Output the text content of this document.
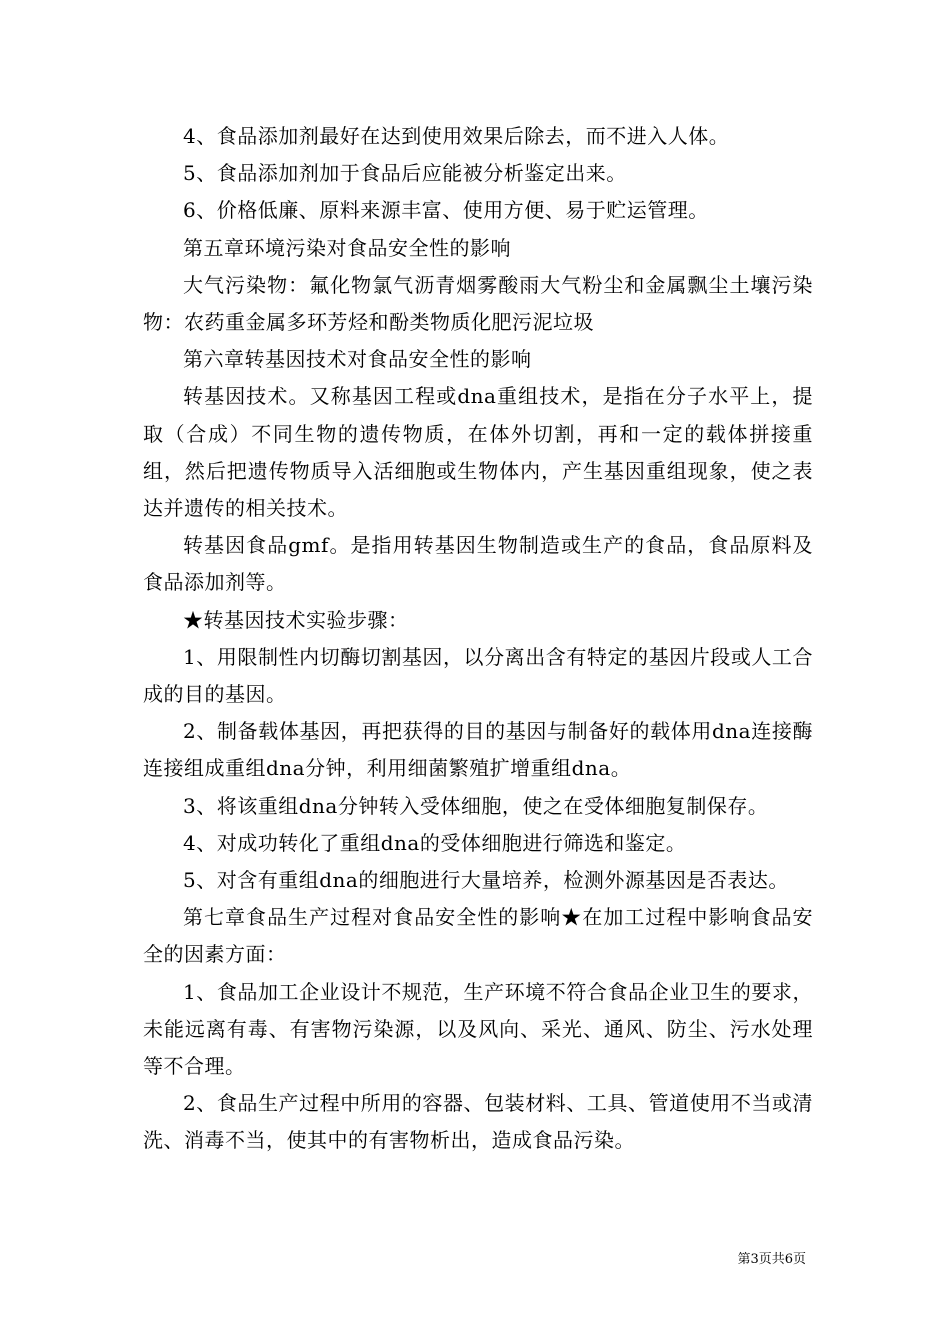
4、食品添加剂最好在达到使用效果后除去，而不进入人体。

5、食品添加剂加于食品后应能被分析鉴定出来。

6、价格低廉、原料来源丰富、使用方便、易于贮运管理。

第五章环境污染对食品安全性的影响

大气污染物：氟化物氯气沥青烟雾酸雨大气粉尘和金属飘尘土壤污染物：农药重金属多环芳烃和酚类物质化肥污泥垃圾

第六章转基因技术对食品安全性的影响

转基因技术。又称基因工程或dna重组技术，是指在分子水平上，提取（合成）不同生物的遗传物质，在体外切割，再和一定的载体拼接重组，然后把遗传物质导入活细胞或生物体内，产生基因重组现象，使之表达并遗传的相关技术。

转基因食品gmf。是指用转基因生物制造或生产的食品，食品原料及食品添加剂等。

★转基因技术实验步骤：

1、用限制性内切酶切割基因，以分离出含有特定的基因片段或人工合成的目的基因。

2、制备载体基因，再把获得的目的基因与制备好的载体用dna连接酶连接组成重组dna分钟，利用细菌繁殖扩增重组dna。

3、将该重组dna分钟转入受体细胞，使之在受体细胞复制保存。

4、对成功转化了重组dna的受体细胞进行筛选和鉴定。

5、对含有重组dna的细胞进行大量培养，检测外源基因是否表达。

第七章食品生产过程对食品安全性的影响★在加工过程中影响食品安全的因素方面：

1、食品加工企业设计不规范，生产环境不符合食品企业卫生的要求，未能远离有毒、有害物污染源，以及风向、采光、通风、防尘、污水处理等不合理。

2、食品生产过程中所用的容器、包装材料、工具、管道使用不当或清洗、消毒不当，使其中的有害物析出，造成食品污染。

第3页共6页
